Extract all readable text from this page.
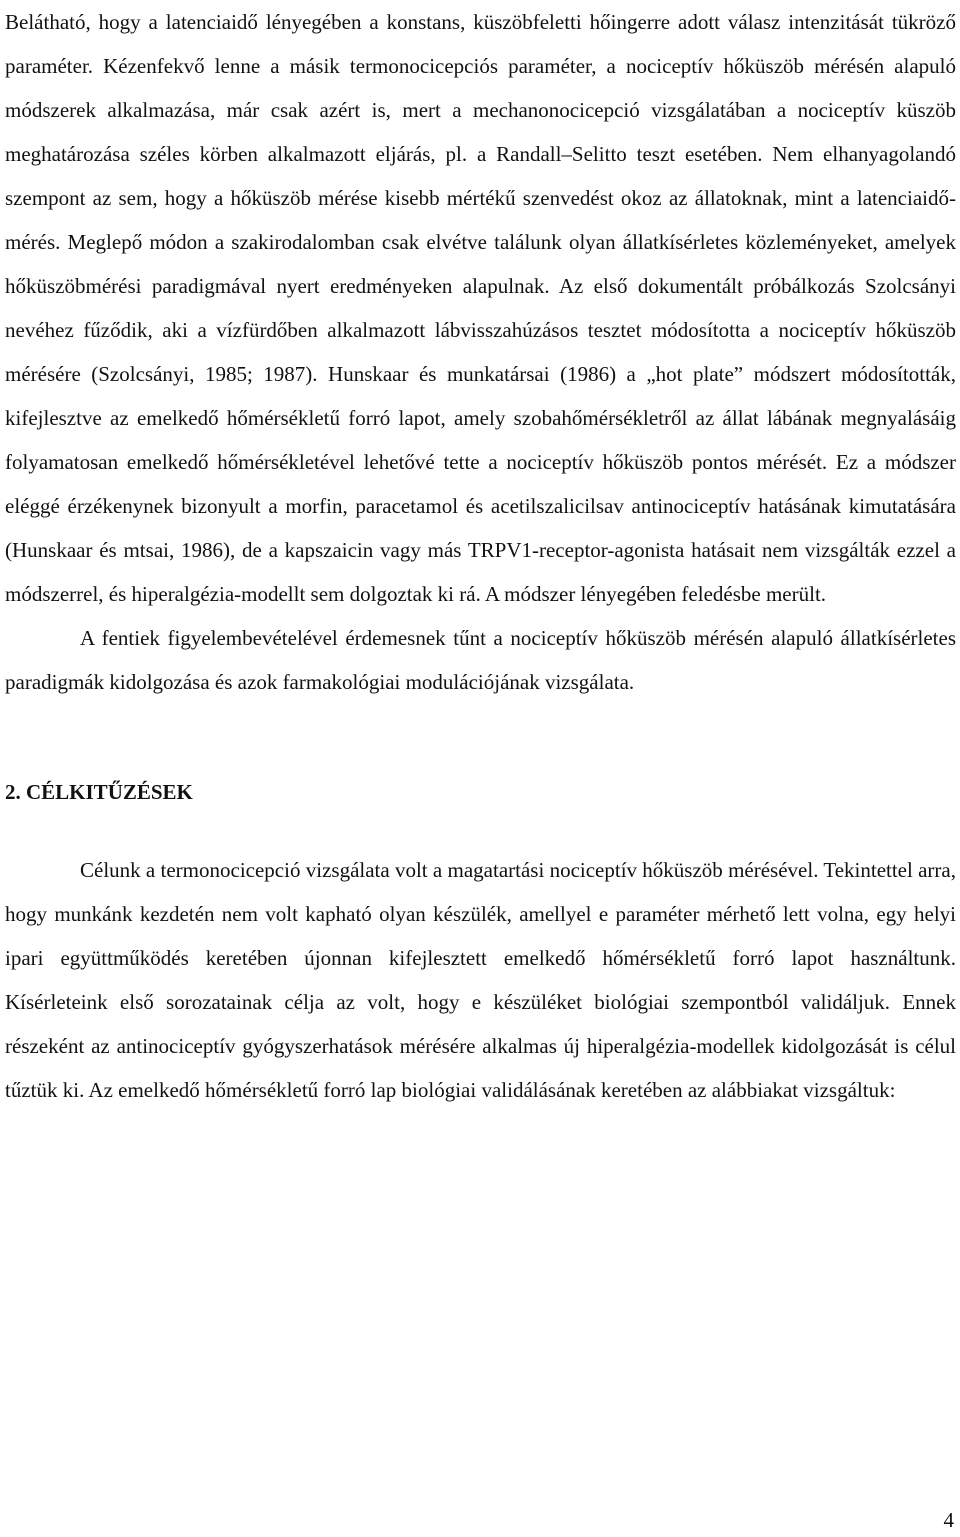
Belátható, hogy a latenciaidő lényegében a konstans, küszöbfeletti hőingerre adott válasz intenzitását tükröző paraméter. Kézenfekvő lenne a másik termonocicepciós paraméter, a nociceptív hőküszöb mérésén alapuló módszerek alkalmazása, már csak azért is, mert a mechanonocicepció vizsgálatában a nociceptív küszöb meghatározása széles körben alkalmazott eljárás, pl. a Randall–Selitto teszt esetében. Nem elhanyagolandó szempont az sem, hogy a hőküszöb mérése kisebb mértékű szenvedést okoz az állatoknak, mint a latenciaidő-mérés. Meglepő módon a szakirodalomban csak elvétve találunk olyan állatkísérletes közleményeket, amelyek hőküszöbmérési paradigmával nyert eredményeken alapulnak. Az első dokumentált próbálkozás Szolcsányi nevéhez fűződik, aki a vízfürdőben alkalmazott lábvisszahúzásos tesztet módosította a nociceptív hőküszöb mérésére (Szolcsányi, 1985; 1987). Hunskaar és munkatársai (1986) a „hot plate” módszert módosították, kifejlesztve az emelkedő hőmérsékletű forró lapot, amely szobahőmérsékletről az állat lábának megnyalásáig folyamatosan emelkedő hőmérsékletével lehetővé tette a nociceptív hőküszöb pontos mérését. Ez a módszer eléggé érzékenynek bizonyult a morfin, paracetamol és acetilszalicilsav antinociceptív hatásának kimutatására (Hunskaar és mtsai, 1986), de a kapszaicin vagy más TRPV1-receptor-agonista hatásait nem vizsgálták ezzel a módszerrel, és hiperalgézia-modellt sem dolgoztak ki rá. A módszer lényegében feledésbe merült.

A fentiek figyelembevételével érdemesnek tűnt a nociceptív hőküszöb mérésén alapuló állatkísérletes paradigmák kidolgozása és azok farmakológiai modulációjának vizsgálata.

2. CÉLKITŰZÉSEK

Célunk a termonocicepció vizsgálata volt a magatartási nociceptív hőküszöb mérésével. Tekintettel arra, hogy munkánk kezdetén nem volt kapható olyan készülék, amellyel e paraméter mérhető lett volna, egy helyi ipari együttműködés keretében újonnan kifejlesztett emelkedő hőmérsékletű forró lapot használtunk. Kísérleteink első sorozatainak célja az volt, hogy e készüléket biológiai szempontból validáljuk. Ennek részeként az antinociceptív gyógyszerhatások mérésére alkalmas új hiperalgézia-modellek kidolgozását is célul tűztük ki. Az emelkedő hőmérsékletű forró lap biológiai validálásának keretében az alábbiakat vizsgáltuk:

4
